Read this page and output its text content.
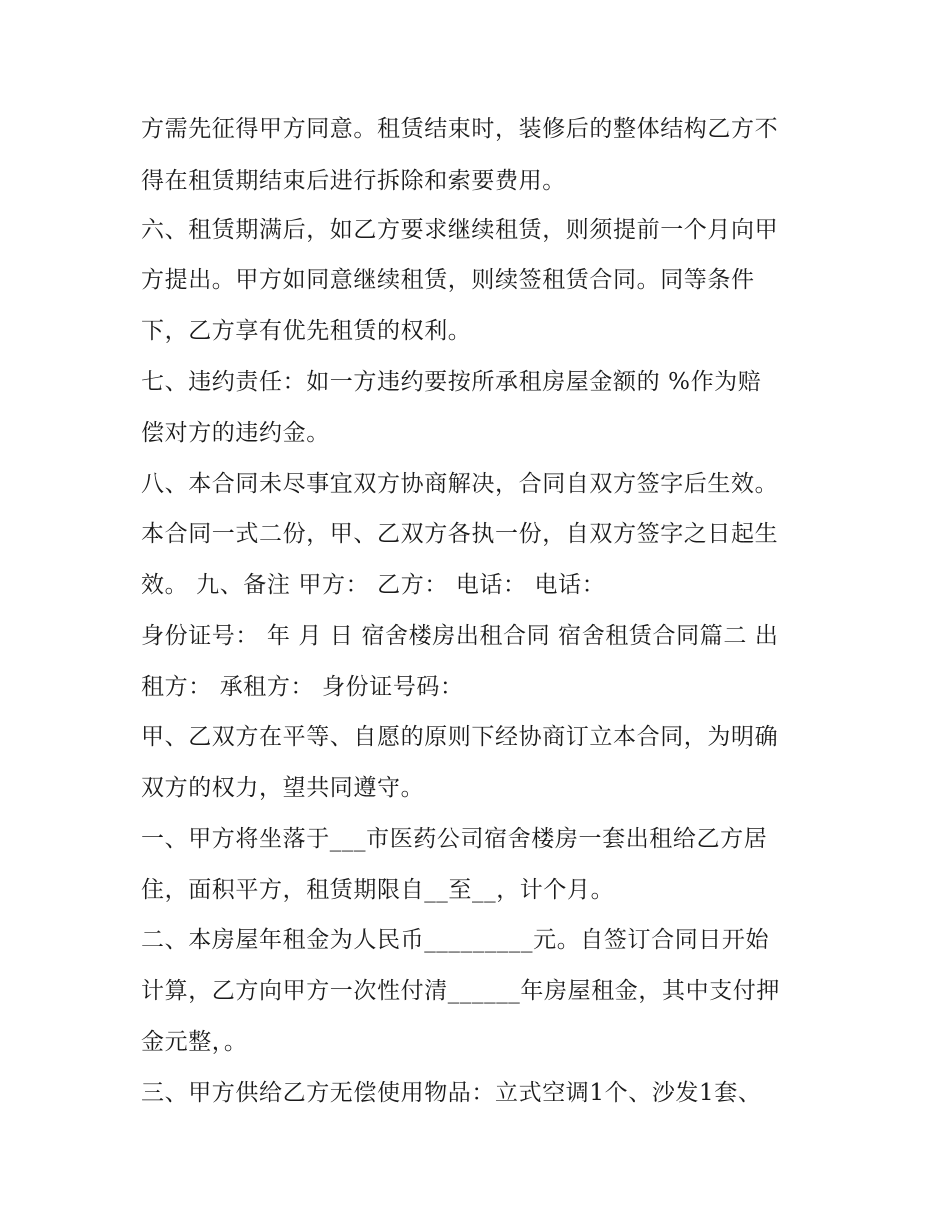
方需先征得甲方同意。租赁结束时，装修后的整体结构乙方不
得在租赁期结束后进行拆除和索要费用。
六、租赁期满后，如乙方要求继续租赁，则须提前一个月向甲
方提出。甲方如同意继续租赁，则续签租赁合同。同等条件
下，乙方享有优先租赁的权利。
七、违约责任：如一方违约要按所承租房屋金额的 %作为赔
偿对方的违约金。
八、本合同未尽事宜双方协商解决，合同自双方签字后生效。
本合同一式二份，甲、乙双方各执一份，自双方签字之日起生
效。 九、备注 甲方： 乙方： 电话： 电话：
身份证号： 年 月 日 宿舍楼房出租合同 宿舍租赁合同篇二 出
租方： 承租方： 身份证号码：
甲、乙双方在平等、自愿的原则下经协商订立本合同，为明确
双方的权力，望共同遵守。
一、甲方将坐落于___市医药公司宿舍楼房一套出租给乙方居
住，面积平方，租赁期限自__至__，计个月。
二、本房屋年租金为人民币_________元。自签订合同日开始
计算，乙方向甲方一次性付清______年房屋租金，其中支付押
金元整，。
三、甲方供给乙方无偿使用物品：立式空调1个、沙发1套、
